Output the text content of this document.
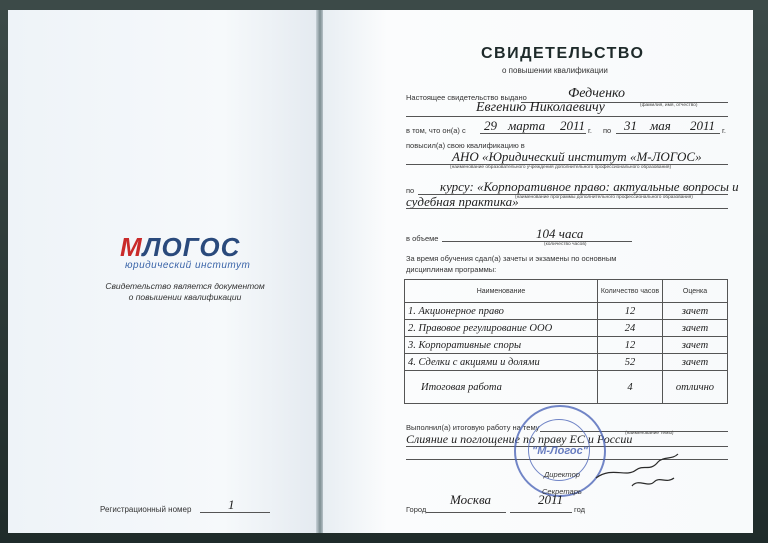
МЛОГОС
юридический институт
Свидетельство является документом
о повышении квалификации
Регистрационный номер	1
СВИДЕТЕЛЬСТВО
о повышении квалификации
Настоящее свидетельство выдано	Федченко
Евгению Николаевичу	(фамилия, имя, отчество)
в том, что он(а) с 29 марта 2011 г. по 31 мая 2011 г.
повысил(а) свою квалификацию в
АНО «Юридический институт «М-ЛОГОС»
(наименование образовательного учреждения дополнительного профессионального образования)
по курсу: «Корпоративное право: актуальные вопросы и
(наименование программы дополнительного профессионального образования)
судебная практика»
в объеме	104 часа
(количество часов)
За время обучения сдал(а) зачеты и экзамены по основным
дисциплинам программы:
Наименование	Количество часов	Оценка
1. Акционерное право	12	зачет
2. Правовое регулирование ООО	24	зачет
3. Корпоративные споры	12	зачет
4. Сделки с акциями и долями	52	зачет
Итоговая работа	4	отлично
Выполнил(а) итоговую работу на тему
(наименование темы)
Слияние и поглощение по праву ЕС и России
"М-Логос"
Директор
Секретарь
Город
Москва	2011
год
